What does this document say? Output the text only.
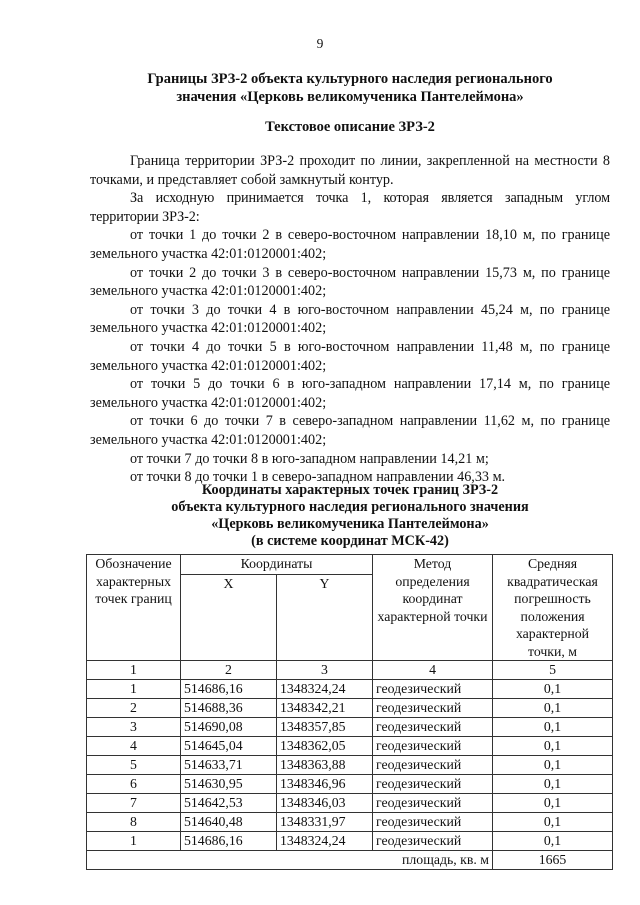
9
Границы ЗРЗ-2 объекта культурного наследия регионального
значения «Церковь великомученика Пантелеймона»
Текстовое описание ЗРЗ-2

Граница территории ЗРЗ-2 проходит по линии, закрепленной на местности 8 точками, и представляет собой замкнутый контур.

За исходную принимается точка 1, которая является западным углом территории ЗРЗ-2:

от точки 1 до точки 2 в северо-восточном направлении 18,10 м, по границе земельного участка 42:01:0120001:402;

от точки 2 до точки 3 в северо-восточном направлении 15,73 м, по границе земельного участка 42:01:0120001:402;

от точки 3 до точки 4 в юго-восточном направлении 45,24 м, по границе земельного участка 42:01:0120001:402;

от точки 4 до точки 5 в юго-восточном направлении 11,48 м, по границе земельного участка 42:01:0120001:402;

от точки 5 до точки 6 в юго-западном направлении 17,14 м, по границе земельного участка 42:01:0120001:402;

от точки 6 до точки 7 в северо-западном направлении 11,62 м, по границе земельного участка 42:01:0120001:402;

от точки 7 до точки 8 в юго-западном направлении 14,21 м;

от точки 8 до точки 1 в северо-западном направлении 46,33 м.

Координаты характерных точек границ ЗРЗ-2
объекта культурного наследия регионального значения
«Церковь великомученика Пантелеймона»
(в системе координат МСК-42)
Обозначение характерных точек границ	Координаты		Метод определения координат характерной точки	Средняя квадратическая погрешность положения характерной точки, м
	X	Y		
1	2	3	4	5
1	514686,16	1348324,24	геодезический	0,1
2	514688,36	1348342,21	геодезический	0,1
3	514690,08	1348357,85	геодезический	0,1
4	514645,04	1348362,05	геодезический	0,1
5	514633,71	1348363,88	геодезический	0,1
6	514630,95	1348346,96	геодезический	0,1
7	514642,53	1348346,03	геодезический	0,1
8	514640,48	1348331,97	геодезический	0,1
1	514686,16	1348324,24	геодезический	0,1
площадь, кв. м				1665
